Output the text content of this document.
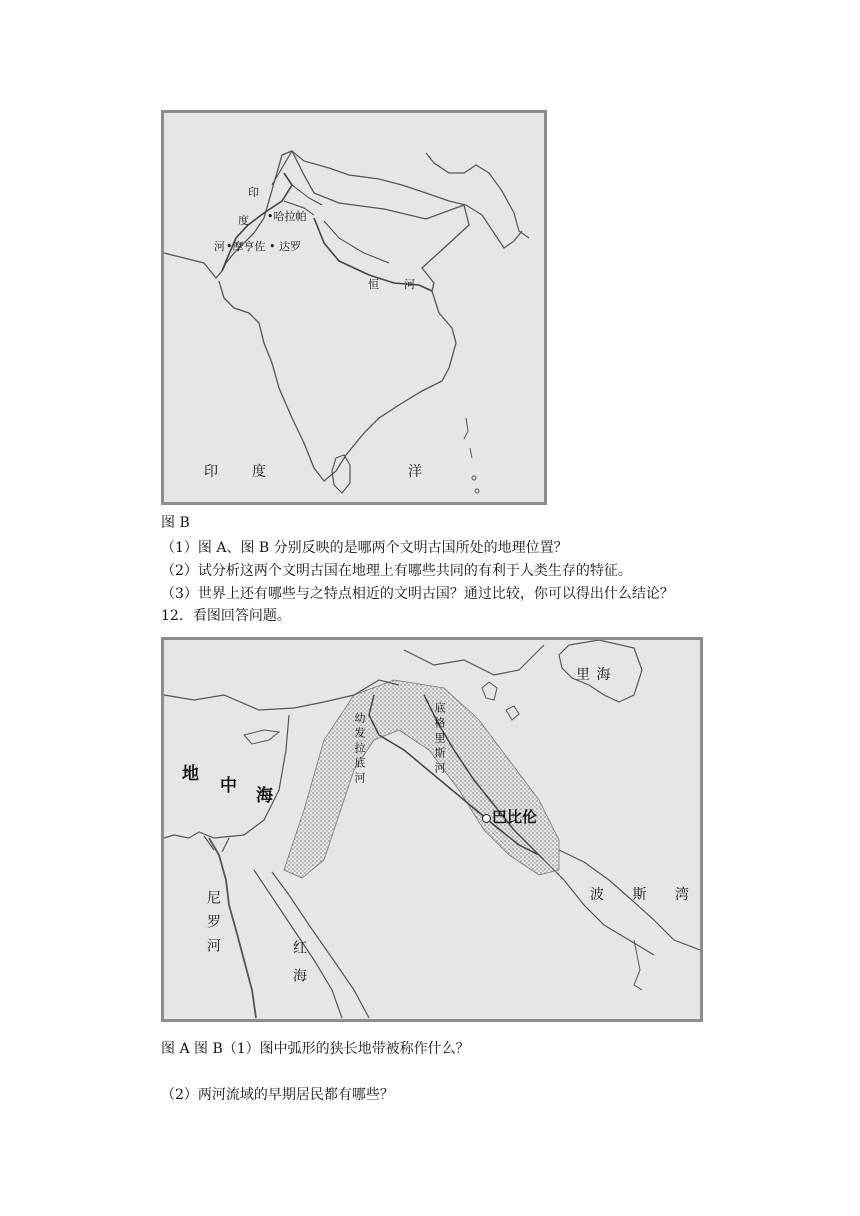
印
度
河
•哈拉帕
•摩亨佐 • 达罗
恒 河
印 度	洋
图 B
（1）图 A、图 B 分别反映的是哪两个文明古国所处的地理位置？
（2）试分析这两个文明古国在地理上有哪些共同的有利于人类生存的特征。
（3）世界上还有哪些与之特点相近的文明古国？通过比较，你可以得出什么结论？
12．看图回答问题。
里 海
幼发拉底河	底格里斯河
地
中 海
巴比伦
波 斯 湾
尼罗河
红海
图 A 图 B（1）图中弧形的狭长地带被称作什么？
（2）两河流域的早期居民都有哪些？
